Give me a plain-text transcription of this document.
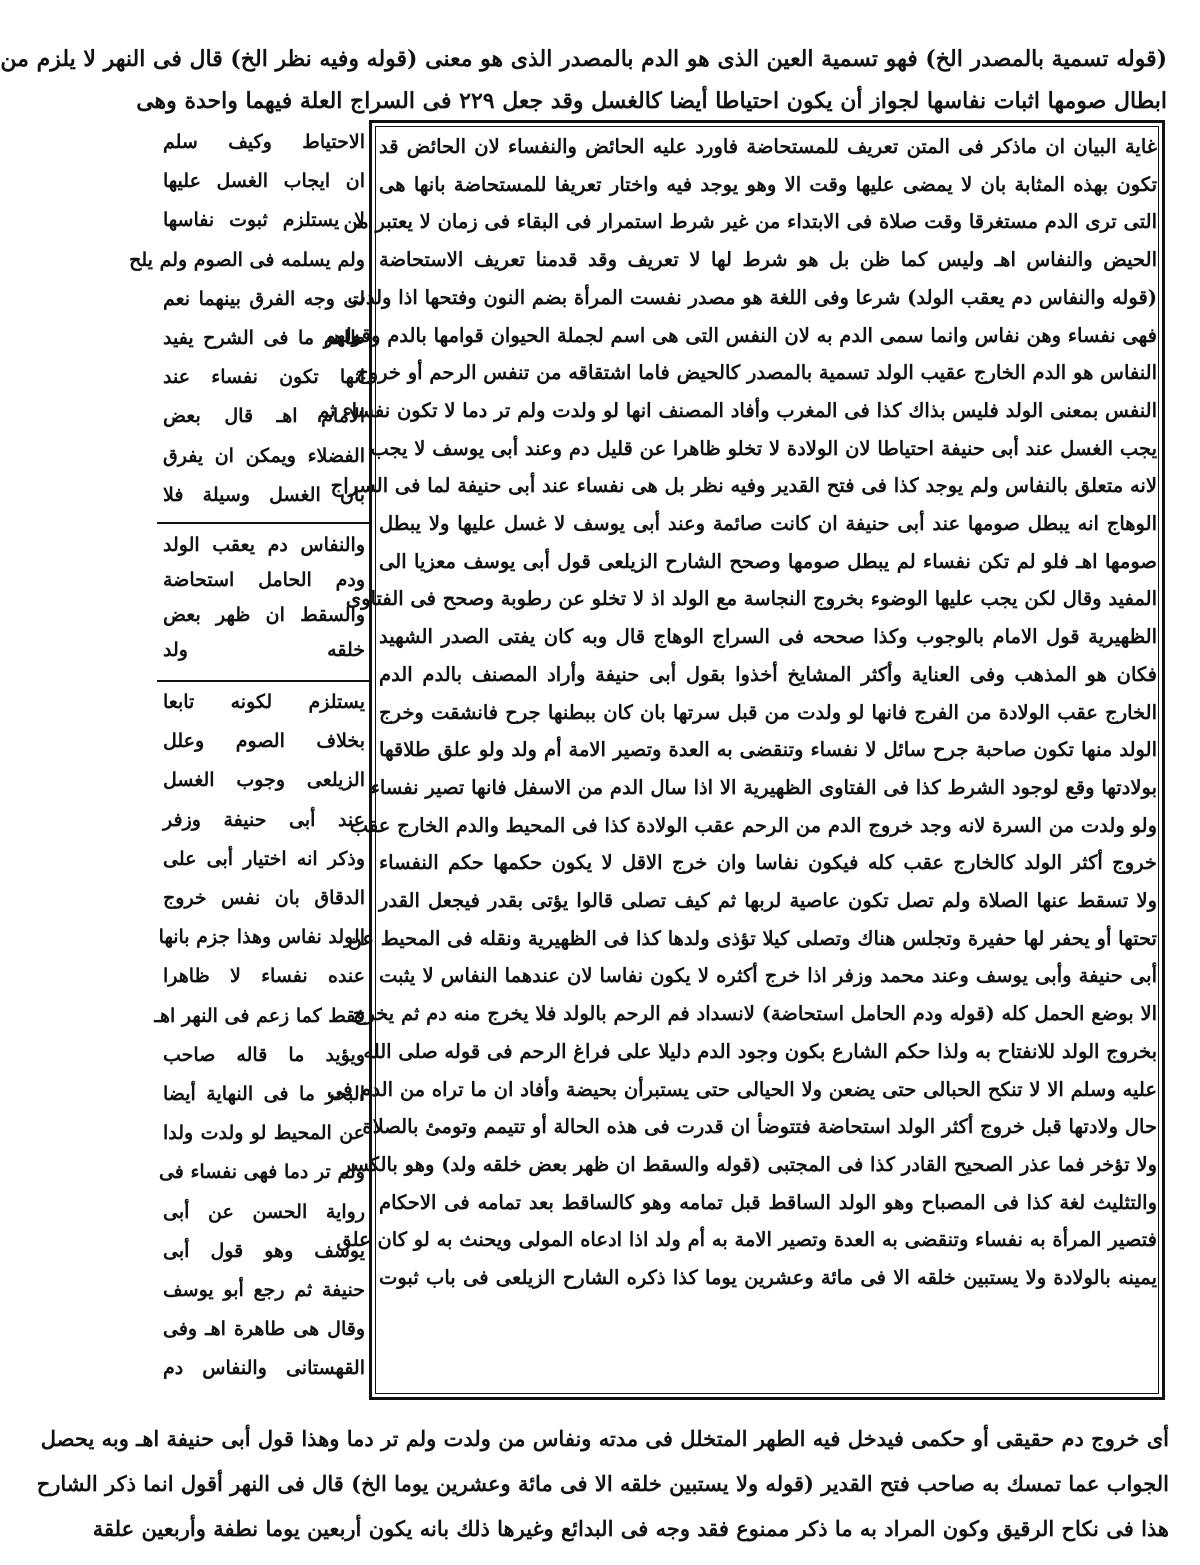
(قوله تسمية بالمصدر الخ) فهو تسمية العين الذى هو الدم بالمصدر الذى هو معنى (قوله وفيه نظر الخ) قال فى النهر لا يلزم من
ابطال صومها اثبات نفاسها لجواز أن يكون احتياطا أيضا كالغسل وقد جعل ٢٢٩ فى السراج العلة فيهما واحدة وهى
غاية البيان ان ماذكر فى المتن تعريف للمستحاضة فاورد عليه الحائض والنفساء لان الحائض قد
تكون بهذه المثابة بان لا يمضى عليها وقت الا وهو يوجد فيه واختار تعريفا للمستحاضة بانها هى
التى ترى الدم مستغرقا وقت صلاة فى الابتداء من غير شرط استمرار فى البقاء فى زمان لا يعتبر من
الحيض والنفاس اهـ وليس كما ظن بل هو شرط لها لا تعريف وقد قدمنا تعريف الاستحاضة
(قوله والنفاس دم يعقب الولد) شرعا وفى اللغة هو مصدر نفست المرأة بضم النون وفتحها اذا ولدت
فهى نفساء وهن نفاس وانما سمى الدم به لان النفس التى هى اسم لجملة الحيوان قوامها بالدم وقولهم
النفاس هو الدم الخارج عقيب الولد تسمية بالمصدر كالحيض فاما اشتقاقه من تنفس الرحم أو خروج
النفس بمعنى الولد فليس بذاك كذا فى المغرب وأفاد المصنف انها لو ولدت ولم تر دما لا تكون نفساء ثم
يجب الغسل عند أبى حنيفة احتياطا لان الولادة لا تخلو ظاهرا عن قليل دم وعند أبى يوسف لا يجب
لانه متعلق بالنفاس ولم يوجد كذا فى فتح القدير وفيه نظر بل هى نفساء عند أبى حنيفة لما فى السراج
الوهاج انه يبطل صومها عند أبى حنيفة ان كانت صائمة وعند أبى يوسف لا غسل عليها ولا يبطل
صومها اهـ فلو لم تكن نفساء لم يبطل صومها وصحح الشارح الزيلعى قول أبى يوسف معزيا الى
المفيد وقال لكن يجب عليها الوضوء بخروج النجاسة مع الولد اذ لا تخلو عن رطوبة وصحح فى الفتاوى
الظهيرية قول الامام بالوجوب وكذا صححه فى السراج الوهاج قال وبه كان يفتى الصدر الشهيد
فكان هو المذهب وفى العناية وأكثر المشايخ أخذوا بقول أبى حنيفة وأراد المصنف بالدم الدم
الخارج عقب الولادة من الفرج فانها لو ولدت من قبل سرتها بان كان ببطنها جرح فانشقت وخرج
الولد منها تكون صاحبة جرح سائل لا نفساء وتنقضى به العدة وتصير الامة أم ولد ولو علق طلاقها
بولادتها وقع لوجود الشرط كذا فى الفتاوى الظهيرية الا اذا سال الدم من الاسفل فانها تصير نفساء
ولو ولدت من السرة لانه وجد خروج الدم من الرحم عقب الولادة كذا فى المحيط والدم الخارج عقب
خروج أكثر الولد كالخارج عقب كله فيكون نفاسا وان خرج الاقل لا يكون حكمها حكم النفساء
ولا تسقط عنها الصلاة ولم تصل تكون عاصية لربها ثم كيف تصلى قالوا يؤتى بقدر فيجعل القدر
تحتها أو يحفر لها حفيرة وتجلس هناك وتصلى كيلا تؤذى ولدها كذا فى الظهيرية ونقله فى المحيط عن
أبى حنيفة وأبى يوسف وعند محمد وزفر اذا خرج أكثره لا يكون نفاسا لان عندهما النفاس لا يثبت
الا بوضع الحمل كله (قوله ودم الحامل استحاضة) لانسداد فم الرحم بالولد فلا يخرج منه دم ثم يخرج
بخروج الولد للانفتاح به ولذا حكم الشارع بكون وجود الدم دليلا على فراغ الرحم فى قوله صلى الله
عليه وسلم الا لا تنكح الحبالى حتى يضعن ولا الحيالى حتى يستبرأن بحيضة وأفاد ان ما تراه من الدم فى
حال ولادتها قبل خروج أكثر الولد استحاضة فتتوضأ ان قدرت فى هذه الحالة أو تتيمم وتومئ بالصلاة
ولا تؤخر فما عذر الصحيح القادر كذا فى المجتبى (قوله والسقط ان ظهر بعض خلقه ولد) وهو بالكسر
والتثليث لغة كذا فى المصباح وهو الولد الساقط قبل تمامه وهو كالساقط بعد تمامه فى الاحكام
فتصير المرأة به نفساء وتنقضى به العدة وتصير الامة به أم ولد اذا ادعاه المولى ويحنث به لو كان علق
يمينه بالولادة ولا يستبين خلقه الا فى مائة وعشرين يوما كذا ذكره الشارح الزيلعى فى باب ثبوت
الاحتياط وكيف سلم
ان ايجاب الغسل عليها
لا يستلزم ثبوت نفاسها
ولم يسلمه فى الصوم ولم يلح
لى وجه الفرق بينهما نعم
ظاهر ما فى الشرح يفيد
انها تكون نفساء عند
الامام اهـ قال بعض
الفضلاء ويمكن ان يفرق
بان الغسل وسيلة فلا
والنفاس دم يعقب الولد
ودم الحامل استحاضة
والسقط ان ظهر بعض
خلقه ولد
يستلزم لكونه تابعا
بخلاف الصوم وعلل
الزيلعى وجوب الغسل
عند أبى حنيفة وزفر
وذكر انه اختيار أبى على
الدقاق بان نفس خروج
الولد نفاس وهذا جزم بانها
عنده نفساء لا ظاهرا
فقط كما زعم فى النهر اهـ
ويؤيد ما قاله صاحب
البحر ما فى النهاية أيضا
عن المحيط لو ولدت ولدا
ولم تر دما فهى نفساء فى
رواية الحسن عن أبى
يوسف وهو قول أبى
حنيفة ثم رجع أبو يوسف
وقال هى طاهرة اهـ وفى
القهستانى والنفاس دم
أى خروج دم حقيقى أو حكمى فيدخل فيه الطهر المتخلل فى مدته ونفاس من ولدت ولم تر دما وهذا قول أبى حنيفة اهـ وبه يحصل
الجواب عما تمسك به صاحب فتح القدير (قوله ولا يستبين خلقه الا فى مائة وعشرين يوما الخ) قال فى النهر أقول انما ذكر الشارح
هذا فى نكاح الرقيق وكون المراد به ما ذكر ممنوع فقد وجه فى البدائع وغيرها ذلك بانه يكون أربعين يوما نطفة وأربعين علقة
